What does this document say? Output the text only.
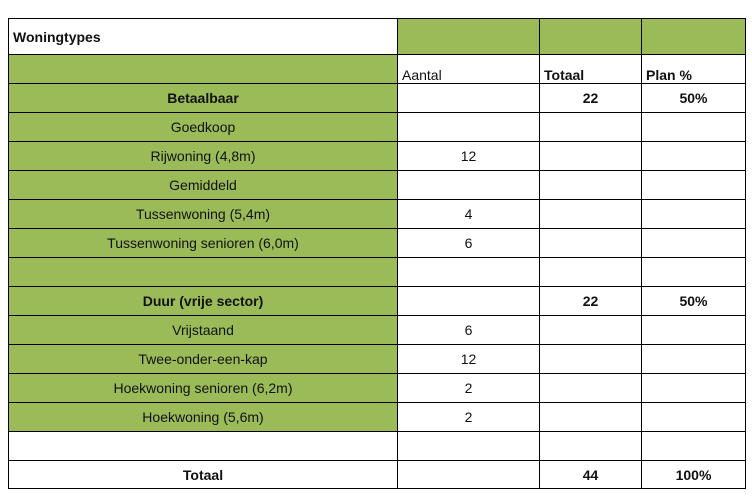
Woningtypes			
	Aantal	Totaal	Plan %
Betaalbaar		22	50%
Goedkoop			
Rijwoning (4,8m)	12		
Gemiddeld			
Tussenwoning (5,4m)	4		
Tussenwoning senioren (6,0m)	6		

Duur (vrije sector)		22	50%
Vrijstaand	6		
Twee-onder-een-kap	12		
Hoekwoning senioren (6,2m)	2		
Hoekwoning (5,6m)	2		

Totaal		44	100%
